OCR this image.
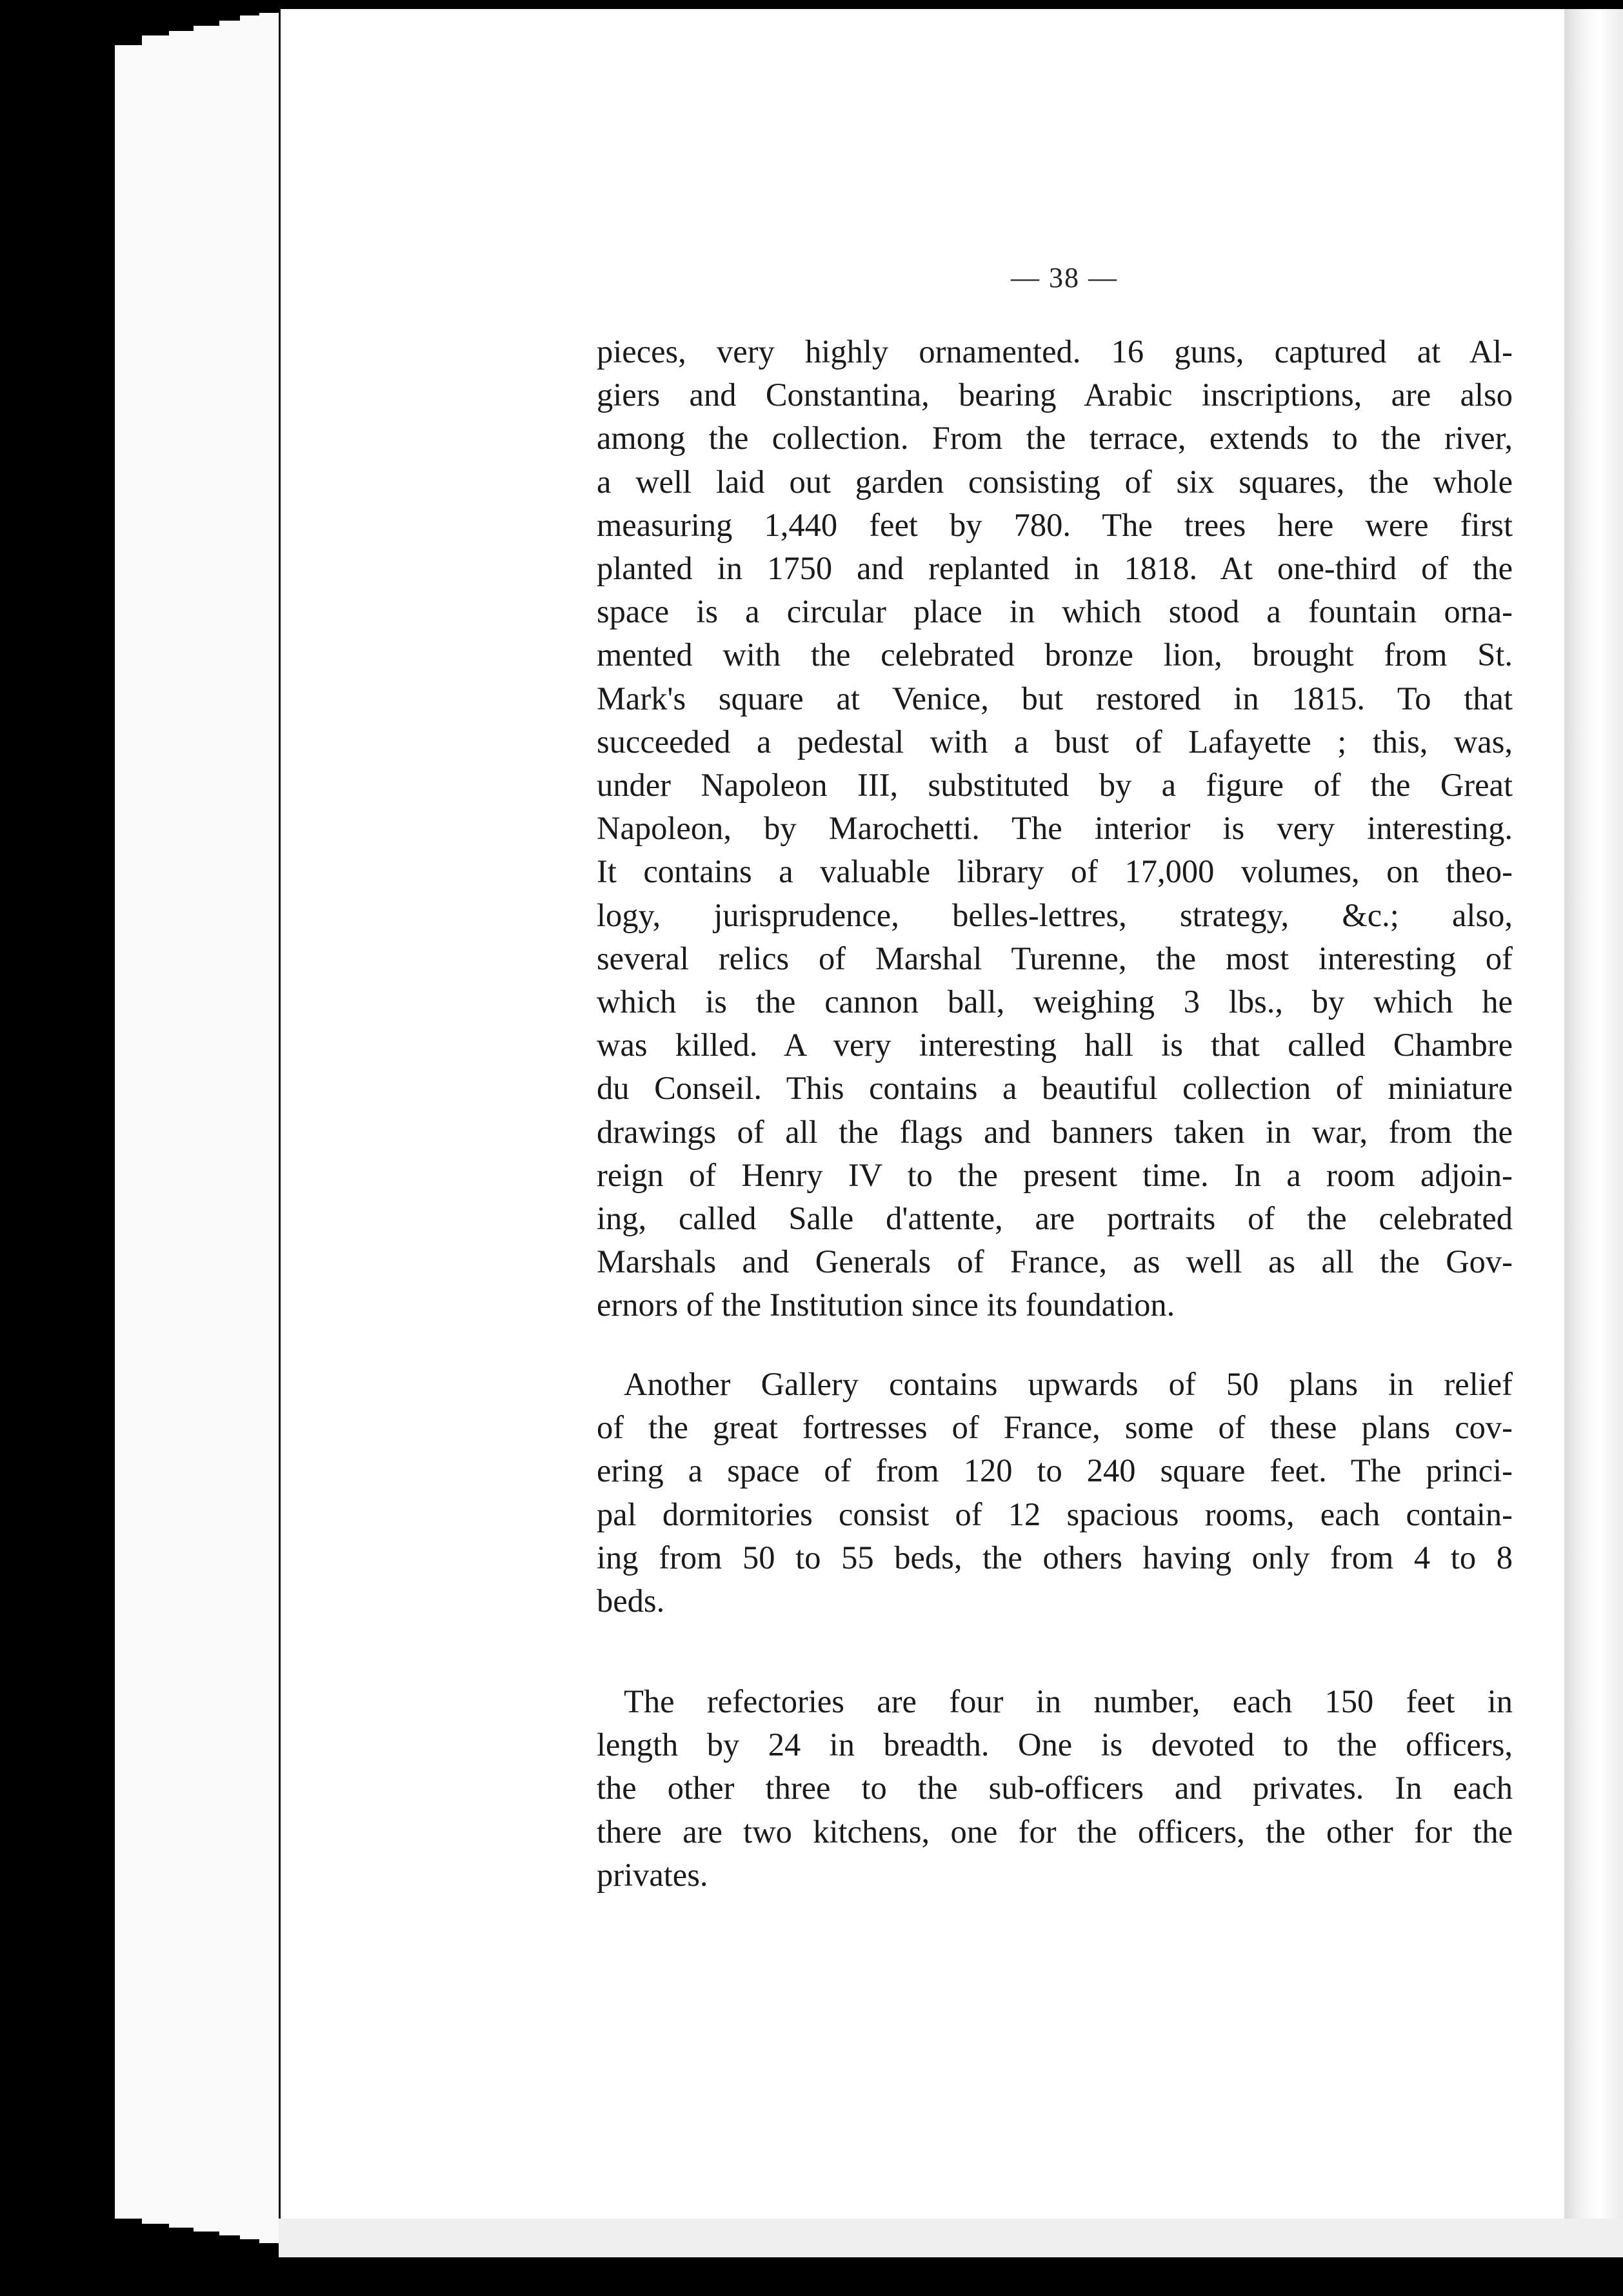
— 38 —
pieces, very highly ornamented. 16 guns, captured at Al-
giers and Constantina, bearing Arabic inscriptions, are also
among the collection. From the terrace, extends to the river,
a well laid out garden consisting of six squares, the whole
measuring 1,440 feet by 780. The trees here were first
planted in 1750 and replanted in 1818. At one-third of the
space is a circular place in which stood a fountain orna-
mented with the celebrated bronze lion, brought from St.
Mark's square at Venice, but restored in 1815. To that
succeeded a pedestal with a bust of Lafayette ; this, was,
under Napoleon III, substituted by a figure of the Great
Napoleon, by Marochetti. The interior is very interesting.
It contains a valuable library of 17,000 volumes, on theo-
logy, jurisprudence, belles-lettres, strategy, &c.; also,
several relics of Marshal Turenne, the most interesting of
which is the cannon ball, weighing 3 lbs., by which he
was killed. A very interesting hall is that called Chambre
du Conseil. This contains a beautiful collection of miniature
drawings of all the flags and banners taken in war, from the
reign of Henry IV to the present time. In a room adjoin-
ing, called Salle d'attente, are portraits of the celebrated
Marshals and Generals of France, as well as all the Gov-
ernors of the Institution since its foundation.
Another Gallery contains upwards of 50 plans in relief
of the great fortresses of France, some of these plans cov-
ering a space of from 120 to 240 square feet. The princi-
pal dormitories consist of 12 spacious rooms, each contain-
ing from 50 to 55 beds, the others having only from 4 to 8
beds.
The refectories are four in number, each 150 feet in
length by 24 in breadth. One is devoted to the officers,
the other three to the sub-officers and privates. In each
there are two kitchens, one for the officers, the other for the
privates.
